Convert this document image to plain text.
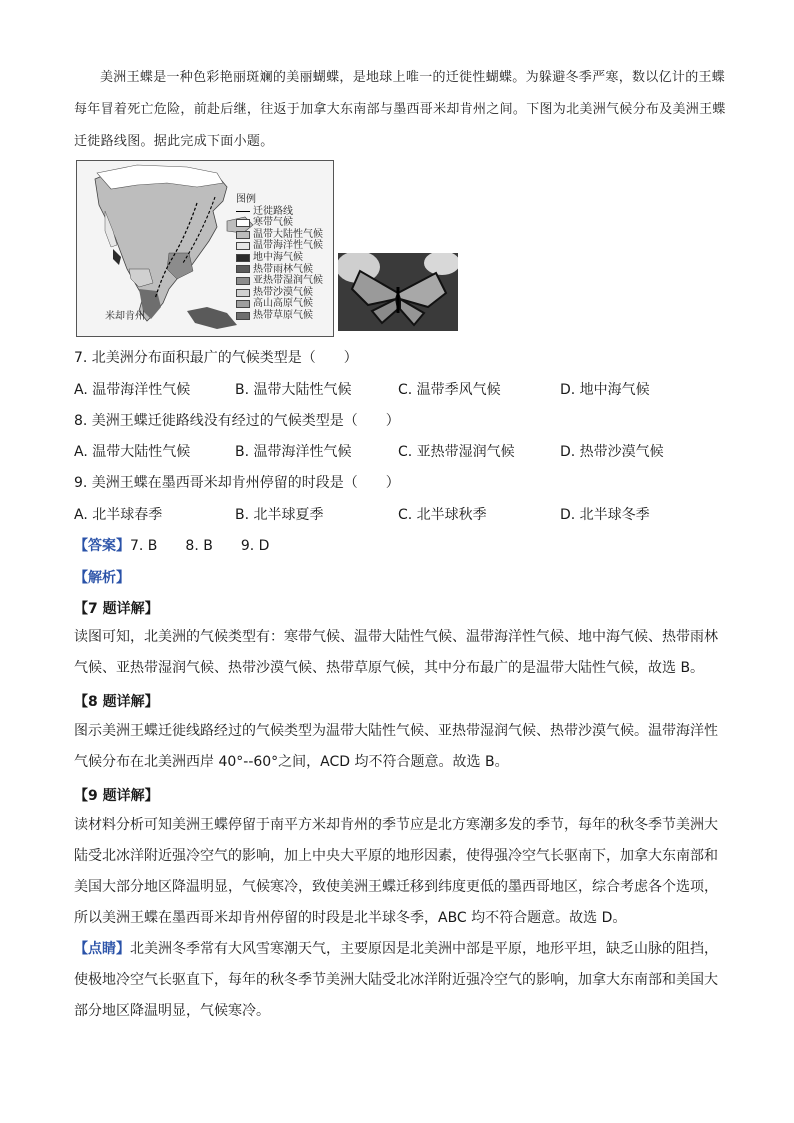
美洲王蝶是一种色彩艳丽斑斓的美丽蝴蝶，是地球上唯一的迁徙性蝴蝶。为躲避冬季严寒，数以亿计的王蝶每年冒着死亡危险，前赴后继，往返于加拿大东南部与墨西哥米却肯州之间。下图为北美洲气候分布及美洲王蝶迁徙路线图。据此完成下面小题。
米却肯州
图例
迁徙路线
寒带气候
温带大陆性气候
温带海洋性气候
地中海气候
热带雨林气候
亚热带湿润气候
热带沙漠气候
高山高原气候
热带草原气候
7. 北美洲分布面积最广的气候类型是（　　）
A. 温带海洋性气候	B. 温带大陆性气候	C. 温带季风气候	D. 地中海气候
8. 美洲王蝶迁徙路线没有经过的气候类型是（　　）
A. 温带大陆性气候	B. 温带海洋性气候	C. 亚热带湿润气候	D. 热带沙漠气候
9. 美洲王蝶在墨西哥米却肯州停留的时段是（　　）
A. 北半球春季	B. 北半球夏季	C. 北半球秋季	D. 北半球冬季
【答案】7. B　　8. B　　9. D
【解析】
【7 题详解】
读图可知，北美洲的气候类型有：寒带气候、温带大陆性气候、温带海洋性气候、地中海气候、热带雨林气候、亚热带湿润气候、热带沙漠气候、热带草原气候，其中分布最广的是温带大陆性气候，故选 B。
【8 题详解】
图示美洲王蝶迁徙线路经过的气候类型为温带大陆性气候、亚热带湿润气候、热带沙漠气候。温带海洋性气候分布在北美洲西岸 40°--60°之间，ACD 均不符合题意。故选 B。
【9 题详解】
读材料分析可知美洲王蝶停留于南平方米却肯州的季节应是北方寒潮多发的季节，每年的秋冬季节美洲大陆受北冰洋附近强冷空气的影响，加上中央大平原的地形因素，使得强冷空气长驱南下，加拿大东南部和美国大部分地区降温明显，气候寒冷，致使美洲王蝶迁移到纬度更低的墨西哥地区，综合考虑各个选项，所以美洲王蝶在墨西哥米却肯州停留的时段是北半球冬季，ABC 均不符合题意。故选 D。
【点睛】北美洲冬季常有大风雪寒潮天气，主要原因是北美洲中部是平原，地形平坦，缺乏山脉的阻挡，使极地冷空气长驱直下，每年的秋冬季节美洲大陆受北冰洋附近强冷空气的影响，加拿大东南部和美国大部分地区降温明显，气候寒冷。
